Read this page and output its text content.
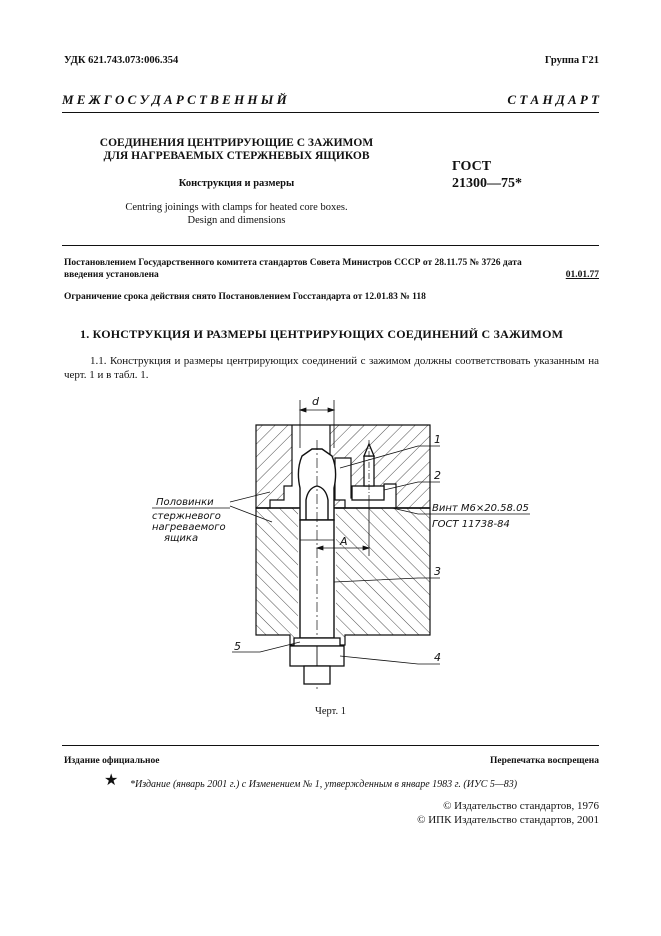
УДК 621.743.073:006.354	Группа Г21
М Е Ж Г О С У Д А Р С Т В Е Н Н Ы Й	С Т А Н Д А Р Т
СОЕДИНЕНИЯ ЦЕНТРИРУЮЩИЕ С ЗАЖИМОМ
ДЛЯ НАГРЕВАЕМЫХ СТЕРЖНЕВЫХ ЯЩИКОВ
Конструкция и размеры
Centring joinings with clamps for heated core boxes.
Design and dimensions
ГОСТ
21300—75*
Постановлением Государственного комитета стандартов Совета Министров СССР от 28.11.75 № 3726 дата
введения установлена	01.01.77
Ограничение срока действия снято Постановлением Госстандарта от 12.01.83 № 118
1. КОНСТРУКЦИЯ И РАЗМЕРЫ ЦЕНТРИРУЮЩИХ СОЕДИНЕНИЙ С ЗАЖИМОМ
1.1. Конструкция и размеры центрирующих соединений с зажимом должны соответствовать указанным на черт. 1 и в табл. 1.
d
A
1
2
3
4
5
Половинки
стержневого
нагреваемого
ящика
Винт М6×20.58.05
ГОСТ 11738-84
Черт. 1
Издание официальное	Перепечатка воспрещена
★ *Издание (январь 2001 г.) с Изменением № 1, утвержденным в январе 1983 г. (ИУС 5—83)
© Издательство стандартов, 1976
© ИПК Издательство стандартов, 2001
